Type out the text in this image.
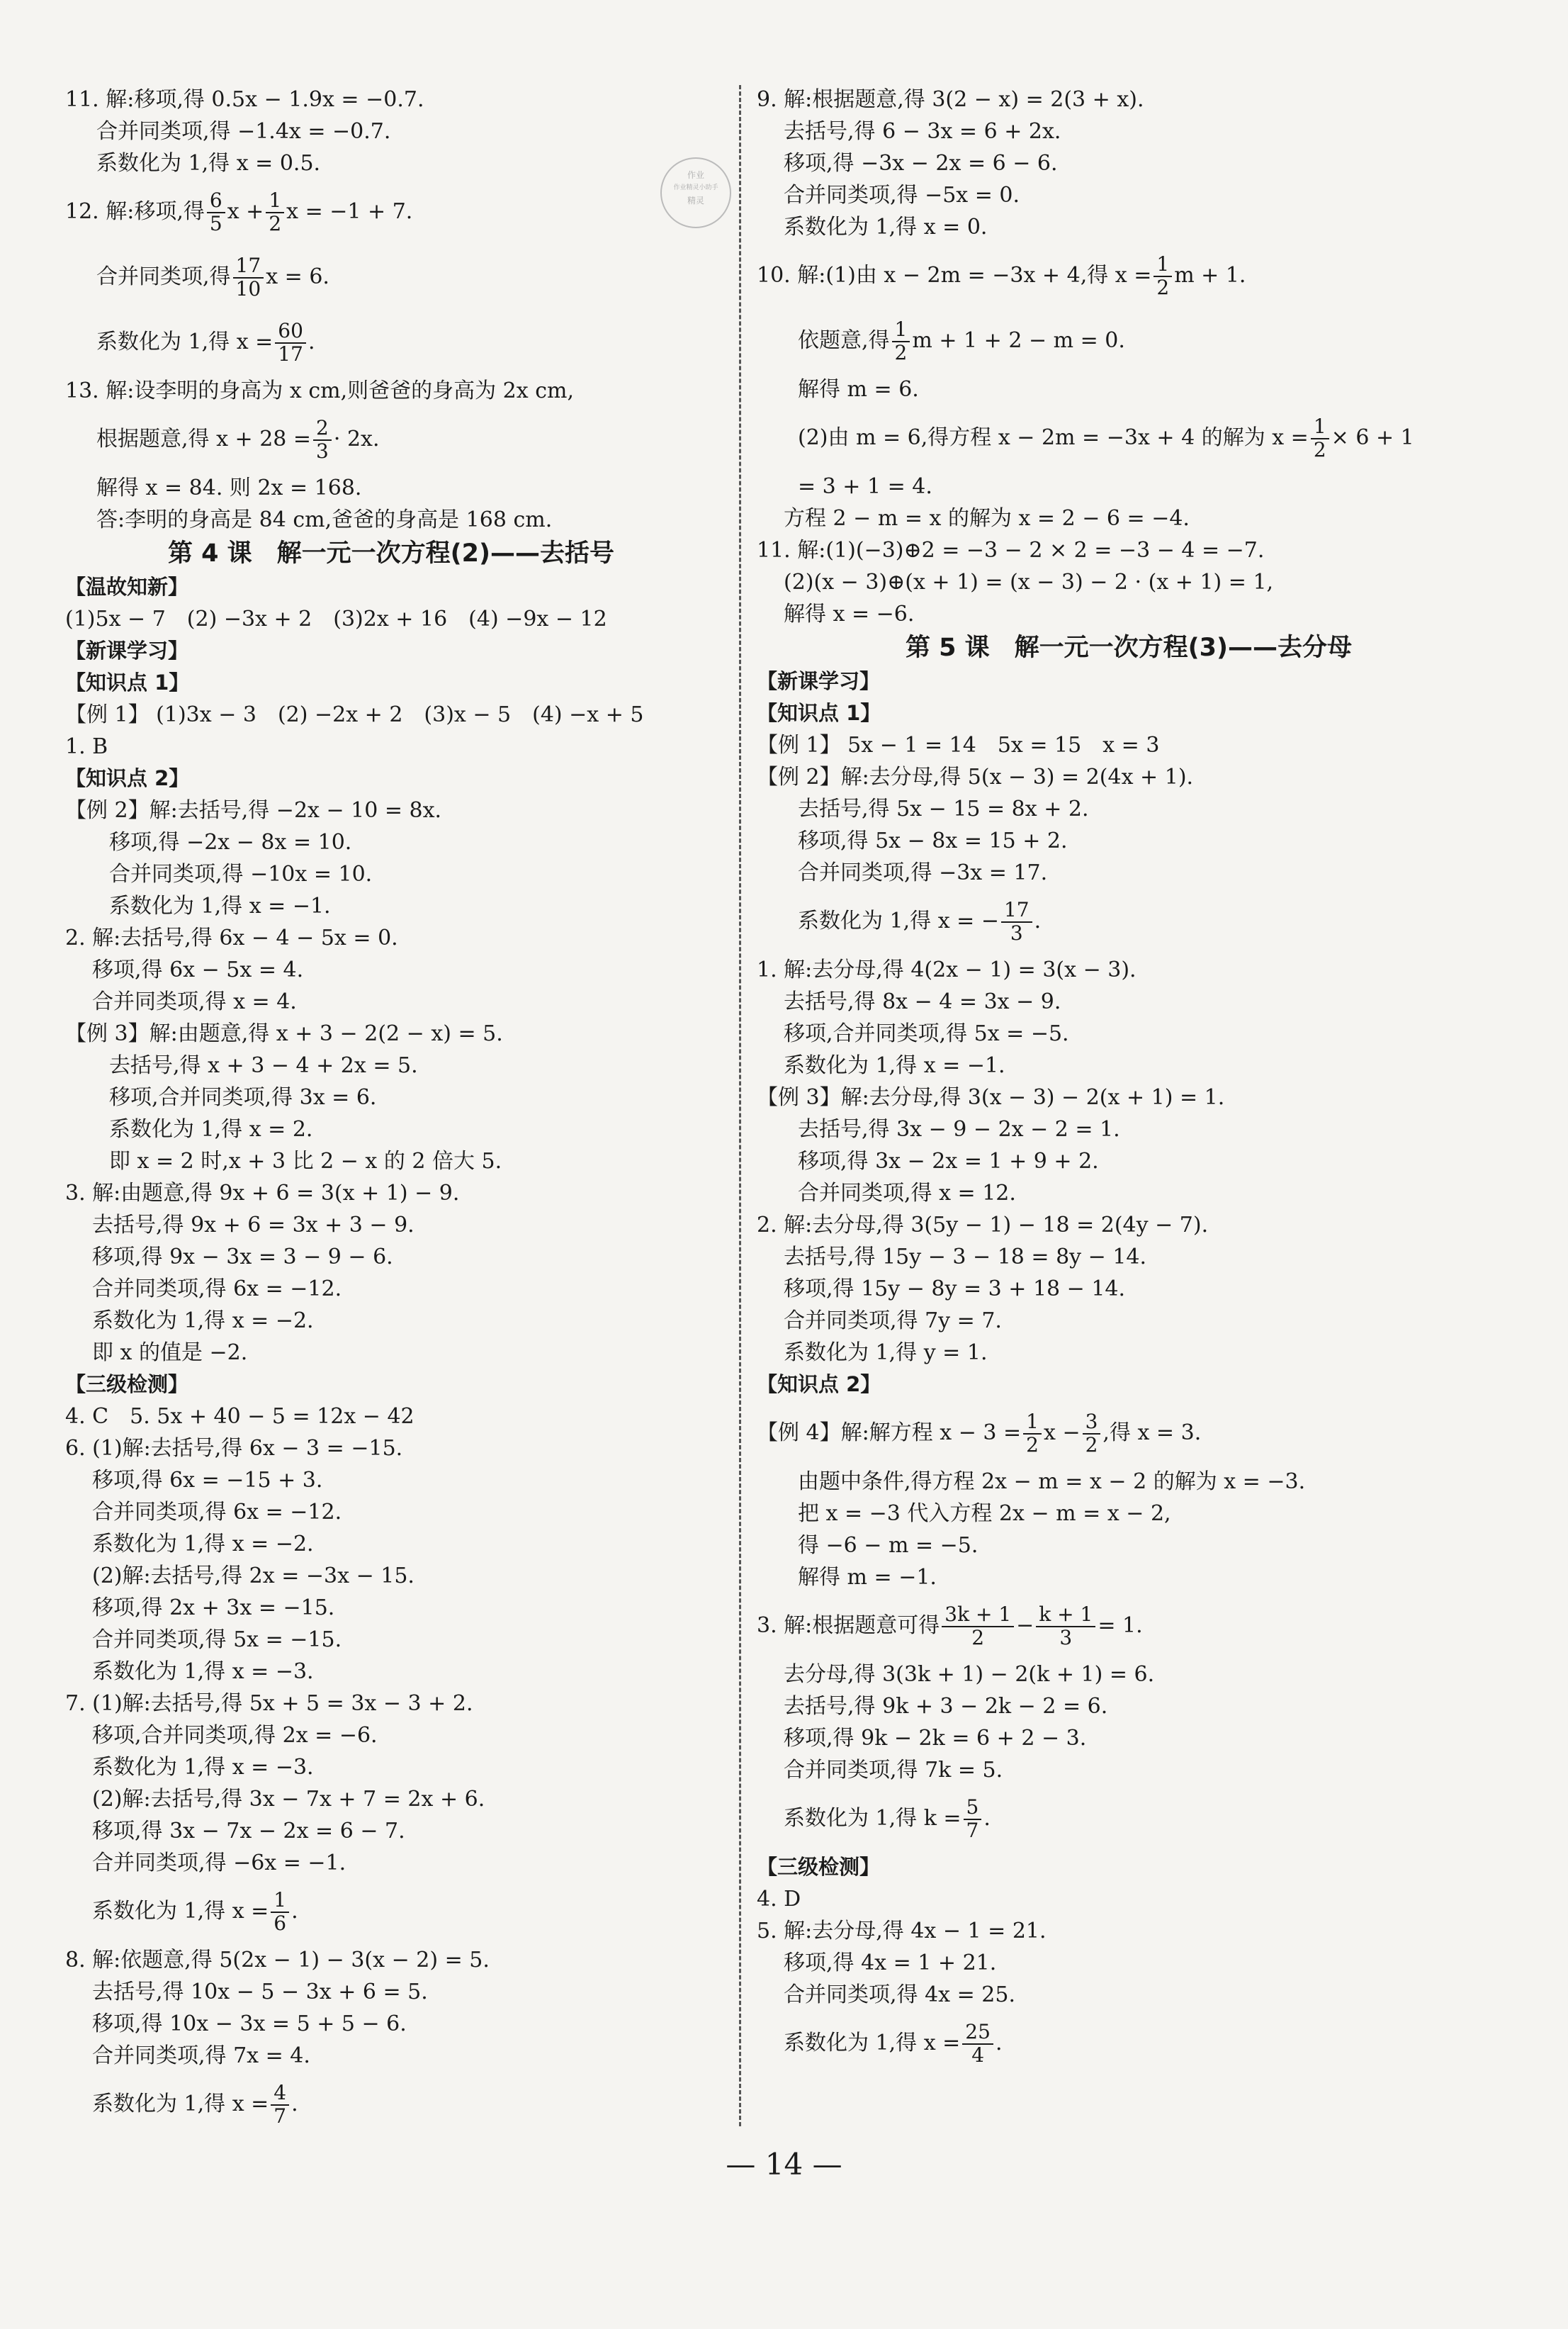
作业
作业精灵小助手
精灵
11. 解:移项,得 0.5x − 1.9x = −0.7.
合并同类项,得 −1.4x = −0.7.
系数化为 1,得 x = 0.5.
12. 解:移项,得 $\frac{6}{5}$ $x + \frac{1}{2}$ x = −1 + 7.
合并同类项,得 $\frac{17}{10}$ x = 6.
系数化为 1,得 $x = \frac{60}{17}$ .
13. 解:设李明的身高为 x cm,则爸爸的身高为 2x cm,
根据题意,得 $x + 28 = \frac{2}{3} \cdot 2x$.
解得 x = 84. 则 2x = 168.
答:李明的身高是 84 cm,爸爸的身高是 168 cm.
第 4 课　解一元一次方程(2)——去括号
【温故知新】
(1)5x − 7　(2) −3x + 2　(3)2x + 16　(4) −9x − 12
【新课学习】
【知识点 1】
【例 1】 (1)3x − 3　(2) −2x + 2　(3)x − 5　(4) −x + 5
1. B
【知识点 2】
【例 2】解:去括号,得 −2x − 10 = 8x.
移项,得 −2x − 8x = 10.
合并同类项,得 −10x = 10.
系数化为 1,得 x = −1.
2. 解:去括号,得 6x − 4 − 5x = 0.
移项,得 6x − 5x = 4.
合并同类项,得 x = 4.
【例 3】解:由题意,得 x + 3 − 2(2 − x) = 5.
去括号,得 x + 3 − 4 + 2x = 5.
移项,合并同类项,得 3x = 6.
系数化为 1,得 x = 2.
即 x = 2 时,x + 3 比 2 − x 的 2 倍大 5.
3. 解:由题意,得 9x + 6 = 3(x + 1) − 9.
去括号,得 9x + 6 = 3x + 3 − 9.
移项,得 9x − 3x = 3 − 9 − 6.
合并同类项,得 6x = −12.
系数化为 1,得 x = −2.
即 x 的值是 −2.
【三级检测】
4. C　5. 5x + 40 − 5 = 12x − 42
6. (1)解:去括号,得 6x − 3 = −15.
移项,得 6x = −15 + 3.
合并同类项,得 6x = −12.
系数化为 1,得 x = −2.
(2)解:去括号,得 2x = −3x − 15.
移项,得 2x + 3x = −15.
合并同类项,得 5x = −15.
系数化为 1,得 x = −3.
7. (1)解:去括号,得 5x + 5 = 3x − 3 + 2.
移项,合并同类项,得 2x = −6.
系数化为 1,得 x = −3.
(2)解:去括号,得 3x − 7x + 7 = 2x + 6.
移项,得 3x − 7x − 2x = 6 − 7.
合并同类项,得 −6x = −1.
系数化为 1,得 $x = \frac{1}{6}$ .
8. 解:依题意,得 5(2x − 1) − 3(x − 2) = 5.
去括号,得 10x − 5 − 3x + 6 = 5.
移项,得 10x − 3x = 5 + 5 − 6.
合并同类项,得 7x = 4.
系数化为 1,得 $x = \frac{4}{7}$ .
9. 解:根据题意,得 3(2 − x) = 2(3 + x).
去括号,得 6 − 3x = 6 + 2x.
移项,得 −3x − 2x = 6 − 6.
合并同类项,得 −5x = 0.
系数化为 1,得 x = 0.
10. 解:(1)由 x − 2m = −3x + 4,得 $x = \frac{1}{2}$ m + 1.
依题意,得 $\frac{1}{2}$ m + 1 + 2 − m = 0.
解得 m = 6.
(2)由 m = 6,得方程 x − 2m = −3x + 4 的解为 $x = \frac{1}{2} \times 6 + 1$
= 3 + 1 = 4.
方程 2 − m = x 的解为 x = 2 − 6 = −4.
11. 解:(1)(−3)⊕2 = −3 − 2 × 2 = −3 − 4 = −7.
(2)(x − 3)⊕(x + 1) = (x − 3) − 2 · (x + 1) = 1,
解得 x = −6.
第 5 课　解一元一次方程(3)——去分母
【新课学习】
【知识点 1】
【例 1】 5x − 1 = 14　5x = 15　x = 3
【例 2】解:去分母,得 5(x − 3) = 2(4x + 1).
去括号,得 5x − 15 = 8x + 2.
移项,得 5x − 8x = 15 + 2.
合并同类项,得 −3x = 17.
系数化为 1,得 x = − $\frac{17}{3}$ .
1. 解:去分母,得 4(2x − 1) = 3(x − 3).
去括号,得 8x − 4 = 3x − 9.
移项,合并同类项,得 5x = −5.
系数化为 1,得 x = −1.
【例 3】解:去分母,得 3(x − 3) − 2(x + 1) = 1.
去括号,得 3x − 9 − 2x − 2 = 1.
移项,得 3x − 2x = 1 + 9 + 2.
合并同类项,得 x = 12.
2. 解:去分母,得 3(5y − 1) − 18 = 2(4y − 7).
去括号,得 15y − 3 − 18 = 8y − 14.
移项,得 15y − 8y = 3 + 18 − 14.
合并同类项,得 7y = 7.
系数化为 1,得 y = 1.
【知识点 2】
【例 4】解:解方程 $x - 3 = \frac{1}{2}$ $x - \frac{3}{2}$ ,得 x = 3.
由题中条件,得方程 2x − m = x − 2 的解为 x = −3.
把 x = −3 代入方程 2x − m = x − 2,
得 −6 − m = −5.
解得 m = −1.
3. 解:根据题意可得 $\frac{3k + 1}{2} - \frac{k + 1}{3} = 1$.
去分母,得 3(3k + 1) − 2(k + 1) = 6.
去括号,得 9k + 3 − 2k − 2 = 6.
移项,得 9k − 2k = 6 + 2 − 3.
合并同类项,得 7k = 5.
系数化为 1,得 $k = \frac{5}{7}$ .
【三级检测】
4. D
5. 解:去分母,得 4x − 1 = 21.
移项,得 4x = 1 + 21.
合并同类项,得 4x = 25.
系数化为 1,得 $x = \frac{25}{4}$ .
— 14 —
